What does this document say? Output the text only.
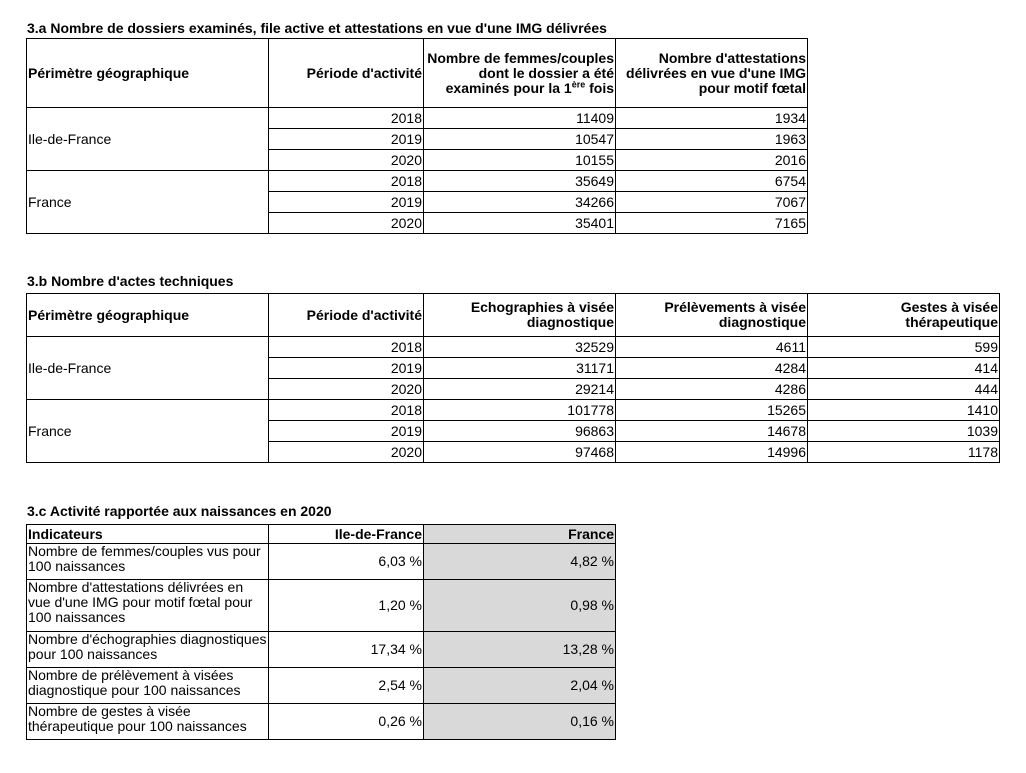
3.a Nombre de dossiers examinés, file active et attestations en vue d'une IMG délivrées
Périmètre géographique	Période d'activité	Nombre de femmes/couples dont le dossier a été examinés pour la 1ère fois	Nombre d'attestations délivrées en vue d'une IMG pour motif fœtal
Ile-de-France	2018	11409	1934
	2019	10547	1963
	2020	10155	2016
France	2018	35649	6754
	2019	34266	7067
	2020	35401	7165
3.b Nombre d'actes techniques
Périmètre géographique	Période d'activité	Echographies à visée diagnostique	Prélèvements à visée diagnostique	Gestes à visée thérapeutique
Ile-de-France	2018	32529	4611	599
	2019	31171	4284	414
	2020	29214	4286	444
France	2018	101778	15265	1410
	2019	96863	14678	1039
	2020	97468	14996	1178
3.c Activité rapportée aux naissances en 2020
Indicateurs	Ile-de-France	France
Nombre de femmes/couples vus pour 100 naissances	6,03 %	4,82 %
Nombre d'attestations délivrées en vue d'une IMG pour motif fœtal pour 100 naissances	1,20 %	0,98 %
Nombre d'échographies diagnostiques pour 100 naissances	17,34 %	13,28 %
Nombre de prélèvement à visées diagnostique pour 100 naissances	2,54 %	2,04 %
Nombre de gestes à visée thérapeutique pour 100 naissances	0,26 %	0,16 %
